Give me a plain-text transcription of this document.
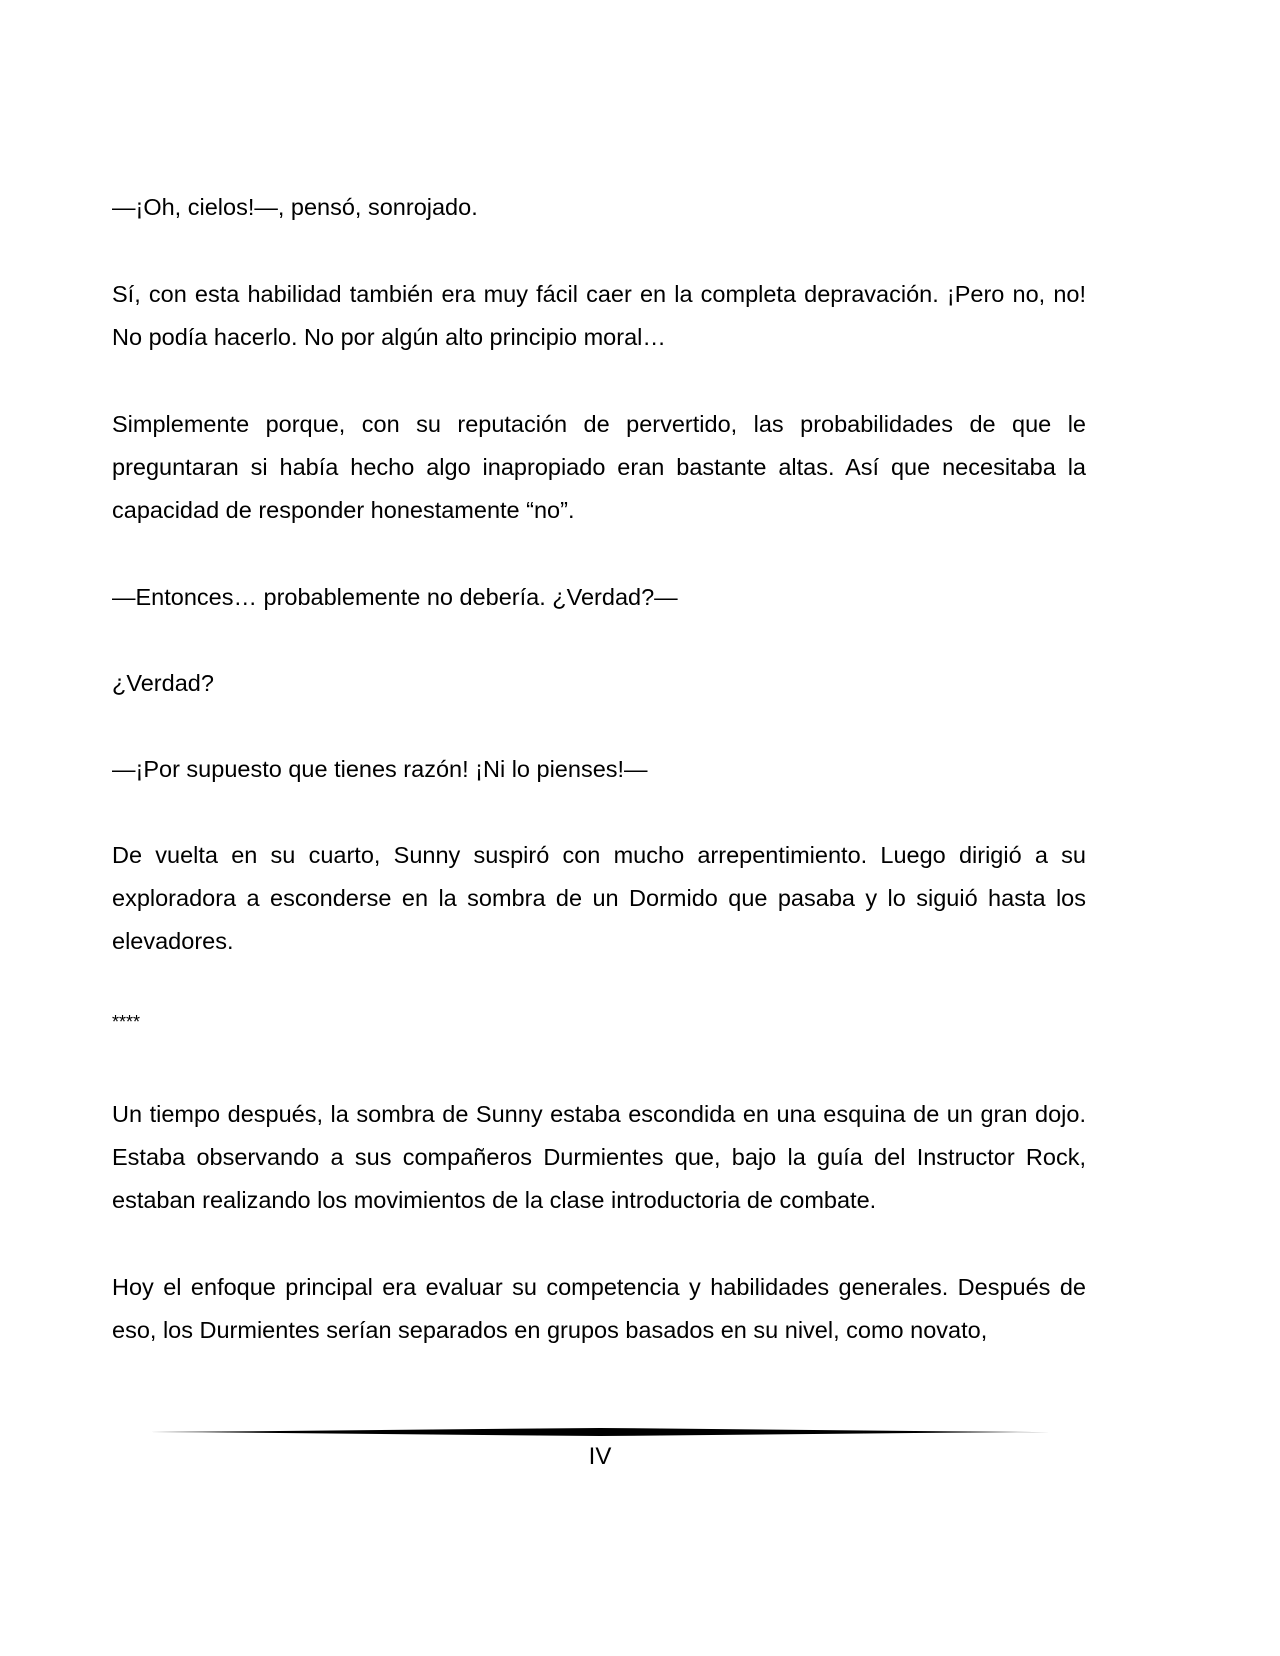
—¡Oh, cielos!—, pensó, sonrojado.

Sí, con esta habilidad también era muy fácil caer en la completa depravación. ¡Pero no, no! No podía hacerlo. No por algún alto principio moral…

Simplemente porque, con su reputación de pervertido, las probabilidades de que le preguntaran si había hecho algo inapropiado eran bastante altas. Así que necesitaba la capacidad de responder honestamente “no”.

—Entonces… probablemente no debería. ¿Verdad?—

¿Verdad?

—¡Por supuesto que tienes razón! ¡Ni lo pienses!—

De vuelta en su cuarto, Sunny suspiró con mucho arrepentimiento. Luego dirigió a su exploradora a esconderse en la sombra de un Dormido que pasaba y lo siguió hasta los elevadores.

****

Un tiempo después, la sombra de Sunny estaba escondida en una esquina de un gran dojo. Estaba observando a sus compañeros Durmientes que, bajo la guía del Instructor Rock, estaban realizando los movimientos de la clase introductoria de combate.

Hoy el enfoque principal era evaluar su competencia y habilidades generales. Después de eso, los Durmientes serían separados en grupos basados en su nivel, como novato,

IV
